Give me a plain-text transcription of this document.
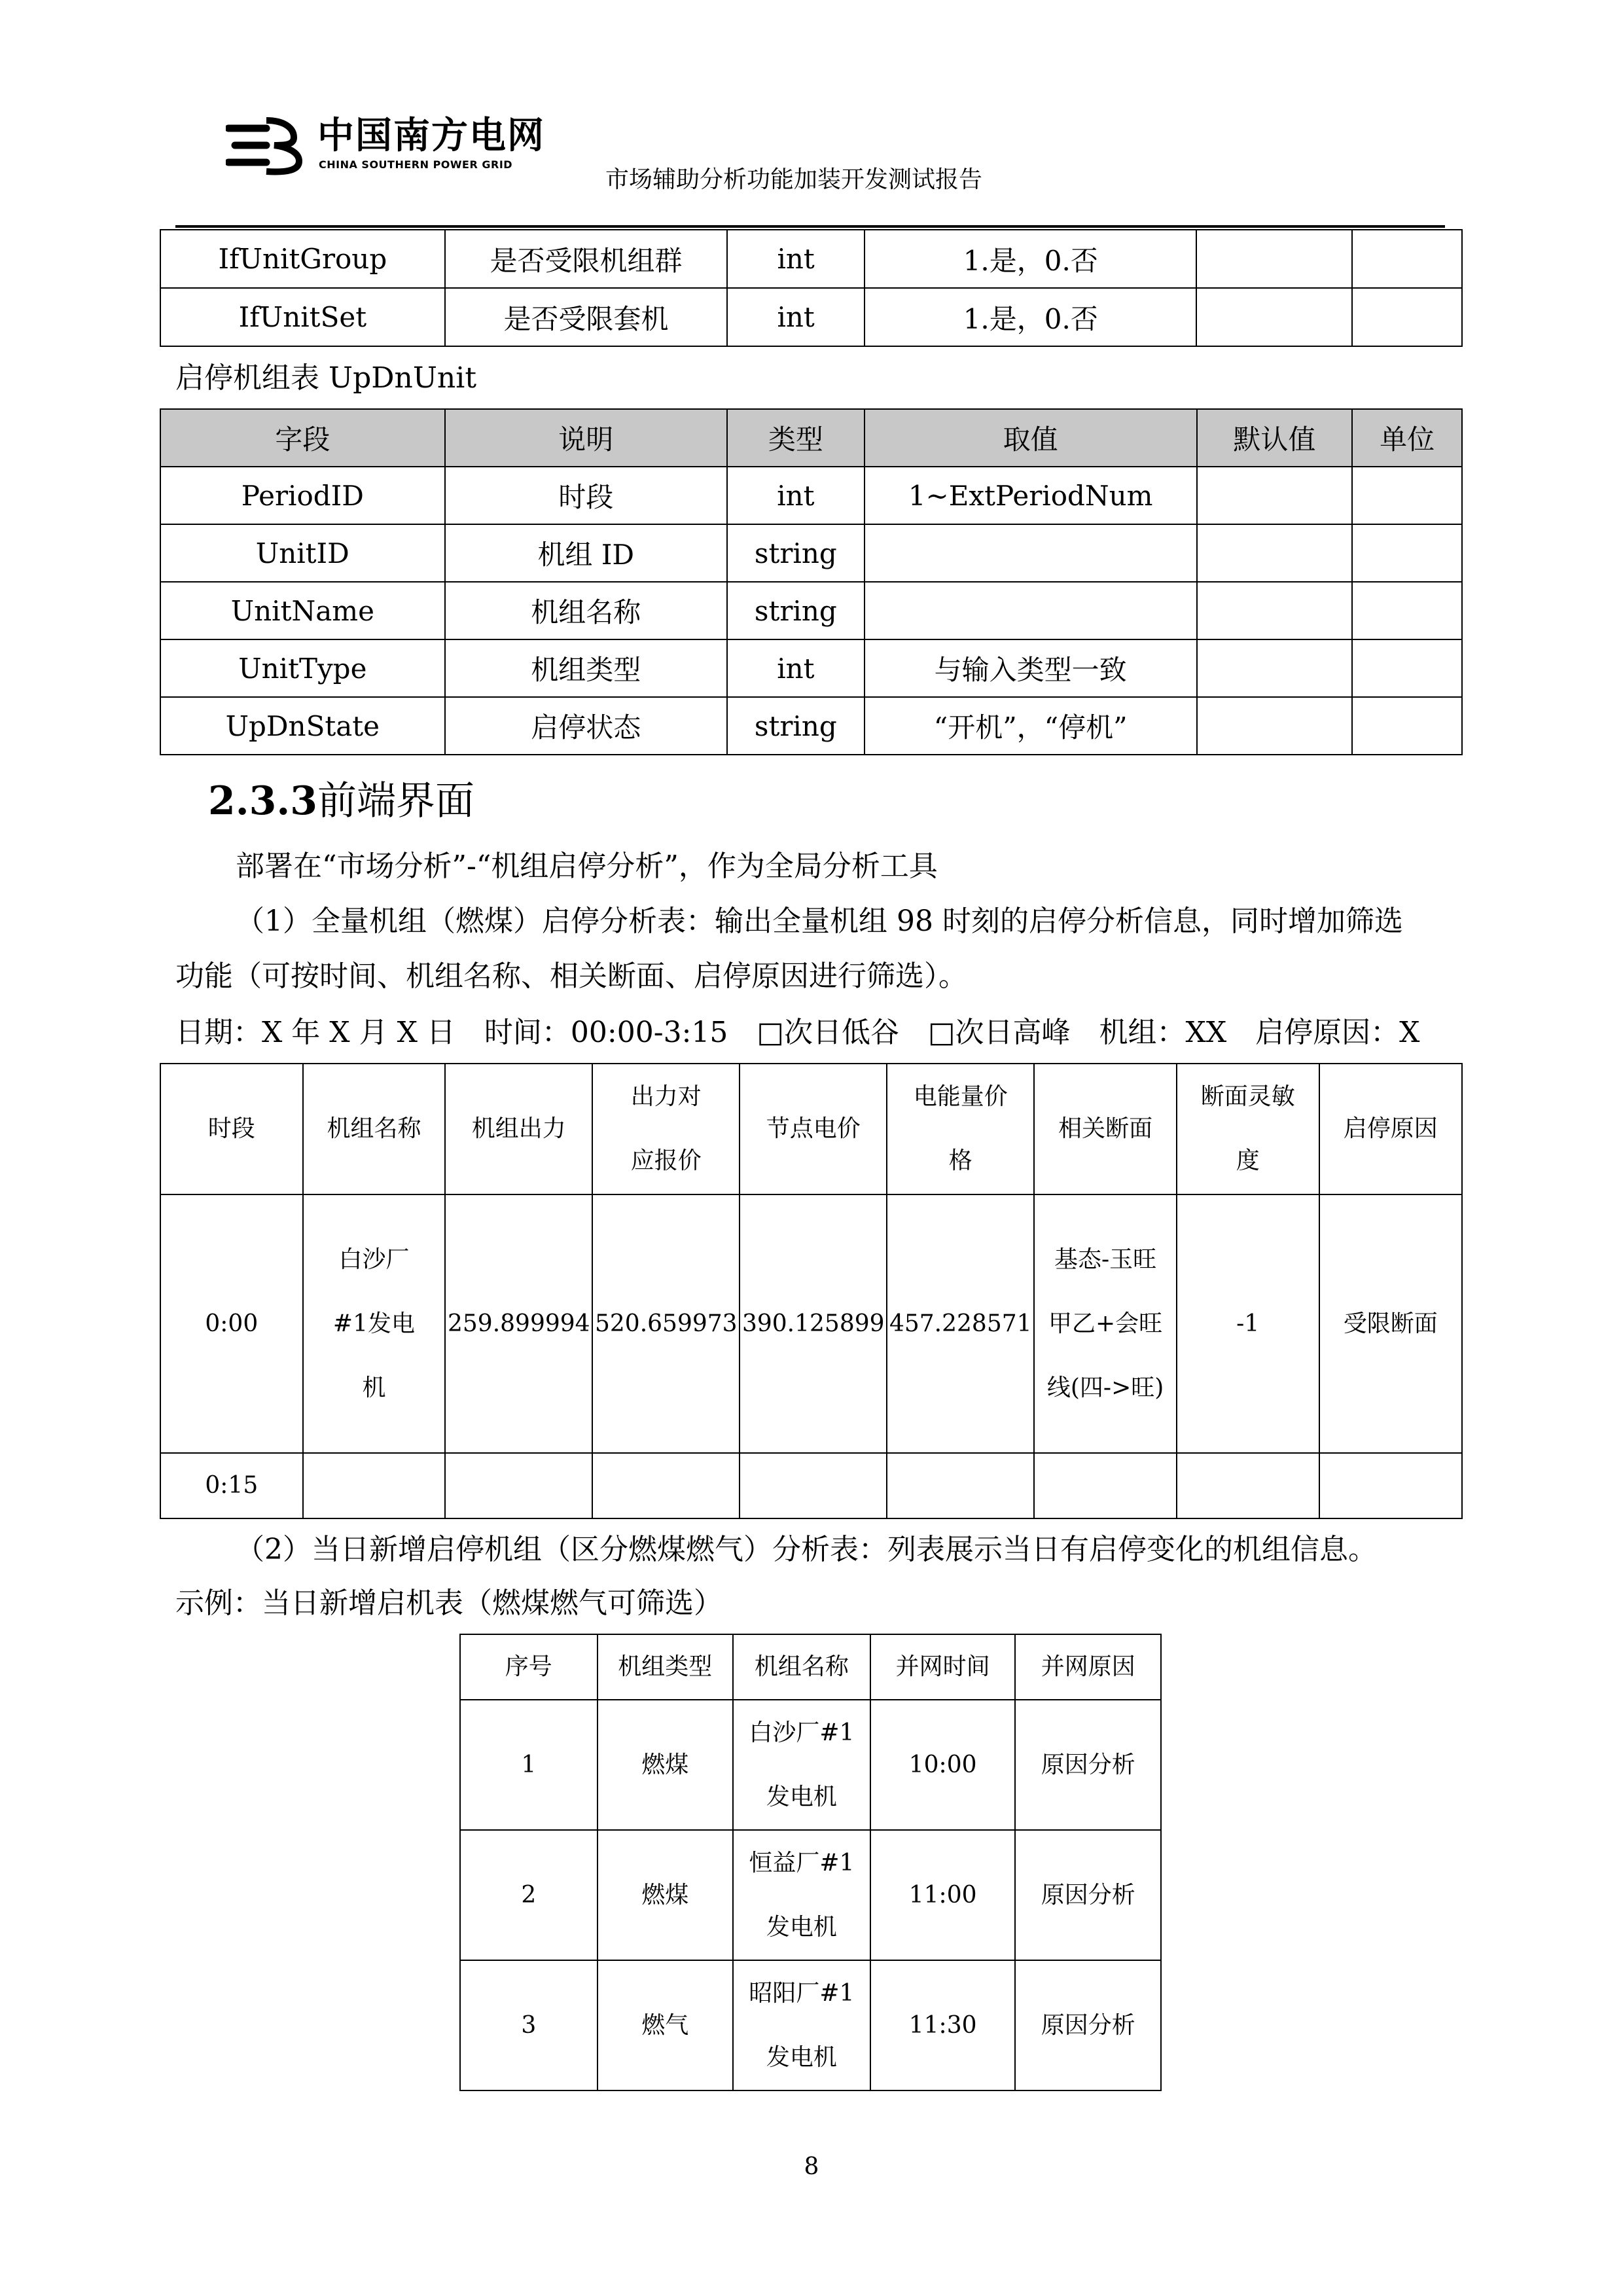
中国南方电网
CHINA SOUTHERN POWER GRID
市场辅助分析功能加装开发测试报告
IfUnitGroup	是否受限机组群	int	1.是，0.否		
IfUnitSet	是否受限套机	int	1.是，0.否		
启停机组表 UpDnUnit
字段	说明	类型	取值	默认值	单位
PeriodID	时段	int	1~ExtPeriodNum		
UnitID	机组 ID	string			
UnitName	机组名称	string			
UnitType	机组类型	int	与输入类型一致		
UpDnState	启停状态	string	“开机”，“停机”		
2.3.3前端界面
部署在“市场分析”-“机组启停分析”，作为全局分析工具
（1）全量机组（燃煤）启停分析表：输出全量机组 98 时刻的启停分析信息，同时增加筛选
功能（可按时间、机组名称、相关断面、启停原因进行筛选）。
日期：X 年 X 月 X 日　时间：00:00-3:15　□次日低谷　□次日高峰　机组：XX　启停原因：X
时段	机组名称	机组出力	出力对应报价	节点电价	电能量价格	相关断面	断面灵敏度	启停原因
0:00	白沙厂#1发电机	259.899994	520.659973	390.125899	457.228571	基态-玉旺甲乙+会旺线(四->旺)	-1	受限断面
0:15								
（2）当日新增启停机组（区分燃煤燃气）分析表：列表展示当日有启停变化的机组信息。
示例：当日新增启机表（燃煤燃气可筛选）
序号	机组类型	机组名称	并网时间	并网原因
1	燃煤	白沙厂#1发电机	10:00	原因分析
2	燃煤	恒益厂#1发电机	11:00	原因分析
3	燃气	昭阳厂#1发电机	11:30	原因分析
8
